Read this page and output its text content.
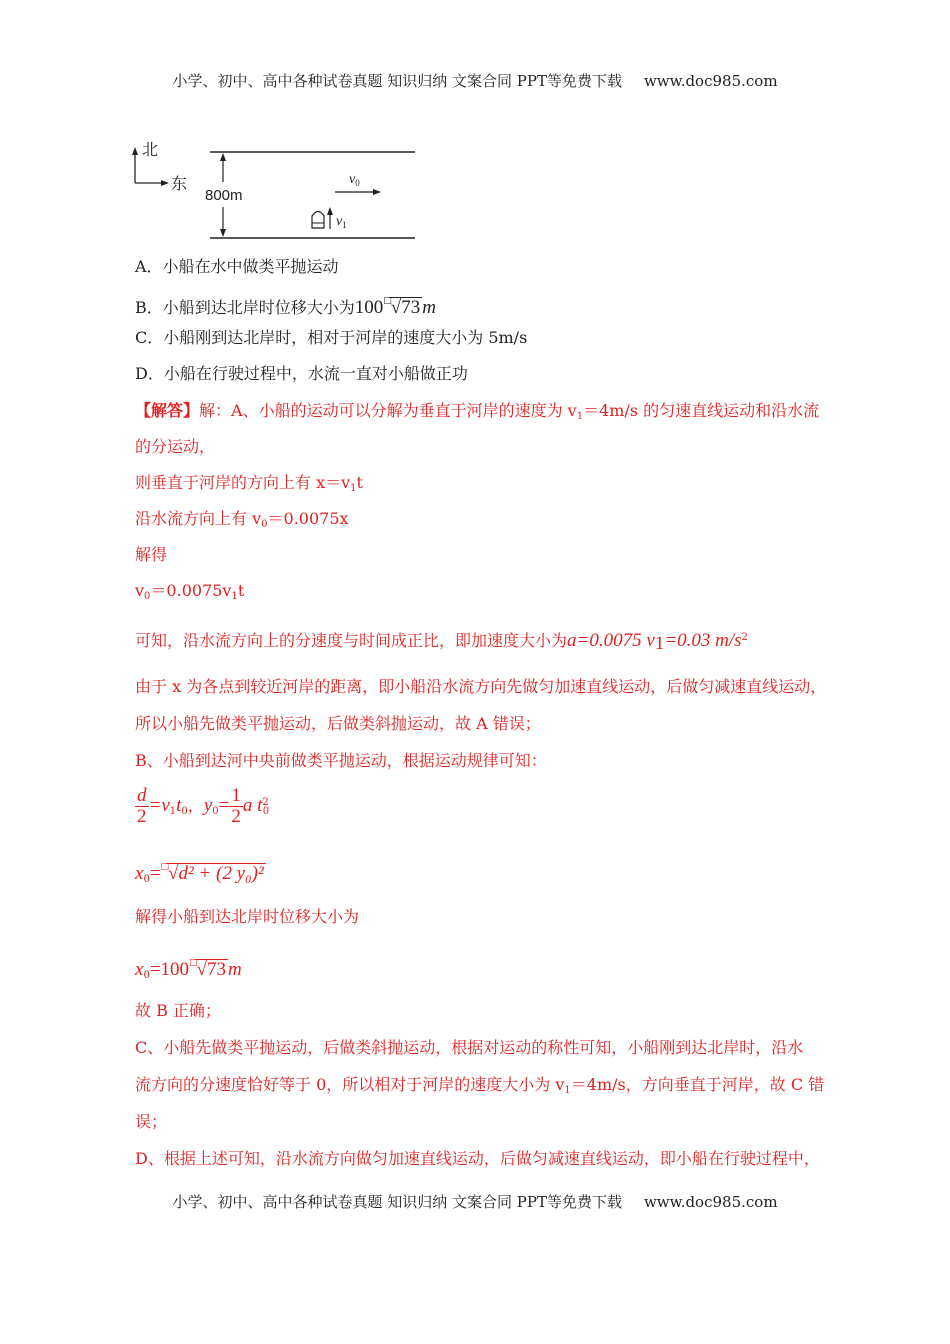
小学、初中、高中各种试卷真题 知识归纳 文案合同 PPT等免费下载 www.doc985.com
北
东
800m
$v_0$
$v_1$
A．小船在水中做类平抛运动
B．小船到达北岸时位移大小为100□√73 m
C．小船刚到达北岸时，相对于河岸的速度大小为 5m/s
D．小船在行驶过程中，水流一直对小船做正功
【解答】解：A、小船的运动可以分解为垂直于河岸的速度为 $v_1=4m/s$ 的匀速直线运动和沿水流
的分运动，
则垂直于河岸的方向上有 $x=v_1t$
沿水流方向上有 $v_0=0.0075x$
解得
$v_0=0.0075v_1t$
可知，沿水流方向上的分速度与时间成正比，即加速度大小为a=0.0075 $v_1=0.03$ $m/s^2$
由于 x 为各点到较近河岸的距离，即小船沿水流方向先做匀加速直线运动，后做匀减速直线运动，
所以小船先做类平抛运动，后做类斜抛运动，故 A 错误；
B、小船到达河中央前做类平抛运动，根据运动规律可知：
$\frac{d}{2} =v_1t_0$，$y_0= \frac{1}{2}$ a $t^2_0$
$x_0=^□√d^2 + (2$ y₀)²
解得小船到达北岸时位移大小为
$x_0=100^□√73$ m
故 B 正确；
C、小船先做类平抛运动，后做类斜抛运动，根据对运动的称性可知，小船刚到达北岸时，沿水
流方向的分速度恰好等于 0，所以相对于河岸的速度大小为 $v_1=4m/s$，方向垂直于河岸，故 C 错
误；
D、根据上述可知，沿水流方向做匀加速直线运动，后做匀减速直线运动，即小船在行驶过程中，
小学、初中、高中各种试卷真题 知识归纳 文案合同 PPT等免费下载 www.doc985.com
